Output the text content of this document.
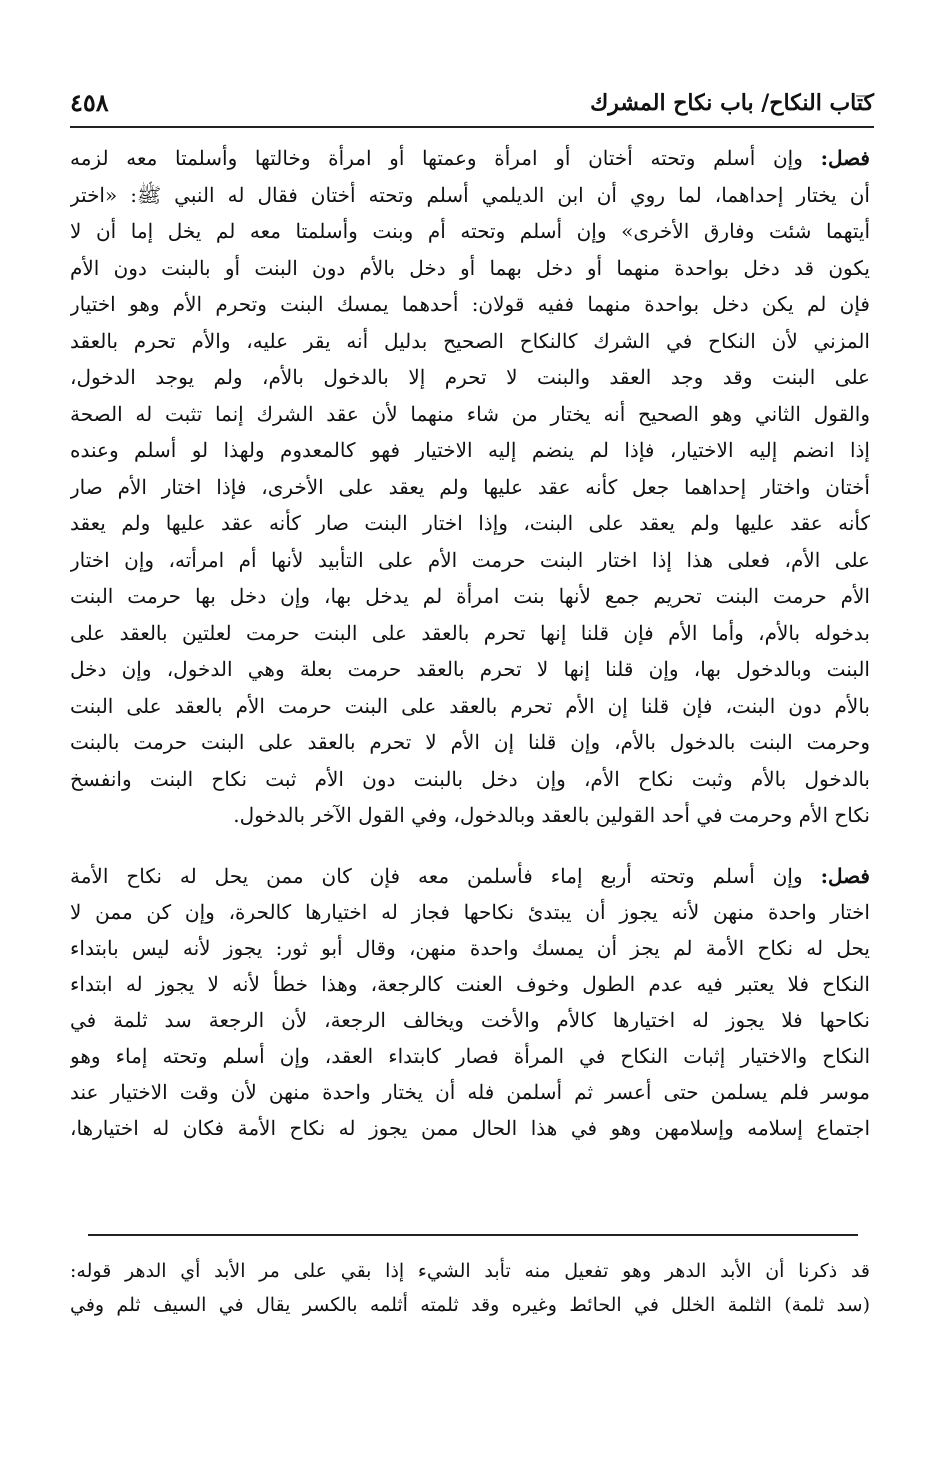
كتاب النكاح/ باب نكاح المشرك
٤٥٨
فصل: وإن أسلم وتحته أختان أو امرأة وعمتها أو امرأة وخالتها وأسلمتا معه لزمه
أن يختار إحداهما، لما روي أن ابن الديلمي أسلم وتحته أختان فقال له النبي ﷺ: «اختر
أيتهما شئت وفارق الأخرى» وإن أسلم وتحته أم وبنت وأسلمتا معه لم يخل إما أن لا
يكون قد دخل بواحدة منهما أو دخل بهما أو دخل بالأم دون البنت أو بالبنت دون الأم
فإن لم يكن دخل بواحدة منهما ففيه قولان: أحدهما يمسك البنت وتحرم الأم وهو اختيار
المزني لأن النكاح في الشرك كالنكاح الصحيح بدليل أنه يقر عليه، والأم تحرم بالعقد
على البنت وقد وجد العقد والبنت لا تحرم إلا بالدخول بالأم، ولم يوجد الدخول،
والقول الثاني وهو الصحيح أنه يختار من شاء منهما لأن عقد الشرك إنما تثبت له الصحة
إذا انضم إليه الاختيار، فإذا لم ينضم إليه الاختيار فهو كالمعدوم ولهذا لو أسلم وعنده
أختان واختار إحداهما جعل كأنه عقد عليها ولم يعقد على الأخرى، فإذا اختار الأم صار
كأنه عقد عليها ولم يعقد على البنت، وإذا اختار البنت صار كأنه عقد عليها ولم يعقد
على الأم، فعلى هذا إذا اختار البنت حرمت الأم على التأبيد لأنها أم امرأته، وإن اختار
الأم حرمت البنت تحريم جمع لأنها بنت امرأة لم يدخل بها، وإن دخل بها حرمت البنت
بدخوله بالأم، وأما الأم فإن قلنا إنها تحرم بالعقد على البنت حرمت لعلتين بالعقد على
البنت وبالدخول بها، وإن قلنا إنها لا تحرم بالعقد حرمت بعلة وهي الدخول، وإن دخل
بالأم دون البنت، فإن قلنا إن الأم تحرم بالعقد على البنت حرمت الأم بالعقد على البنت
وحرمت البنت بالدخول بالأم، وإن قلنا إن الأم لا تحرم بالعقد على البنت حرمت بالبنت
بالدخول بالأم وثبت نكاح الأم، وإن دخل بالبنت دون الأم ثبت نكاح البنت وانفسخ
نكاح الأم وحرمت في أحد القولين بالعقد وبالدخول، وفي القول الآخر بالدخول.
فصل: وإن أسلم وتحته أربع إماء فأسلمن معه فإن كان ممن يحل له نكاح الأمة
اختار واحدة منهن لأنه يجوز أن يبتدئ نكاحها فجاز له اختيارها كالحرة، وإن كن ممن لا
يحل له نكاح الأمة لم يجز أن يمسك واحدة منهن، وقال أبو ثور: يجوز لأنه ليس بابتداء
النكاح فلا يعتبر فيه عدم الطول وخوف العنت كالرجعة، وهذا خطأ لأنه لا يجوز له ابتداء
نكاحها فلا يجوز له اختيارها كالأم والأخت ويخالف الرجعة، لأن الرجعة سد ثلمة في
النكاح والاختيار إثبات النكاح في المرأة فصار كابتداء العقد، وإن أسلم وتحته إماء وهو
موسر فلم يسلمن حتى أعسر ثم أسلمن فله أن يختار واحدة منهن لأن وقت الاختيار عند
اجتماع إسلامه وإسلامهن وهو في هذا الحال ممن يجوز له نكاح الأمة فكان له اختيارها،
قد ذكرنا أن الأبد الدهر وهو تفعيل منه تأبد الشيء إذا بقي على مر الأبد أي الدهر قوله:
(سد ثلمة) الثلمة الخلل في الحائط وغيره وقد ثلمته أثلمه بالكسر يقال في السيف ثلم وفي
